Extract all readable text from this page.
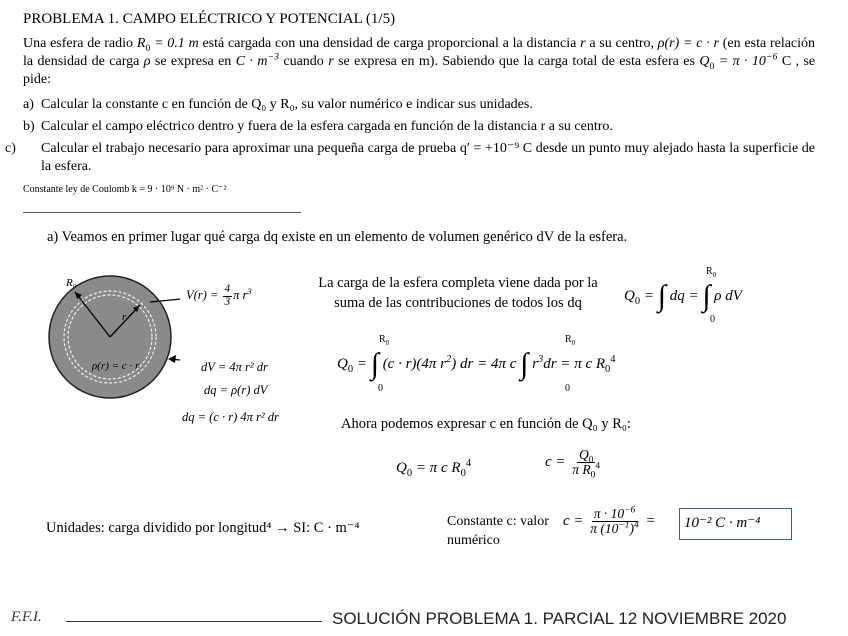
PROBLEMA 1. CAMPO ELÉCTRICO Y POTENCIAL (1/5)
Una esfera de radio $R_0 = 0.1$ m está cargada con una densidad de carga proporcional a la distancia r a su centro, ρ(r) = c · r (en esta relación la densidad de carga ρ se expresa en $C \cdot m^{-3}$ cuando r se expresa en m). Sabiendo que la carga total de esta esfera es $Q_0 = \pi \cdot 10^{-6}$ C , se pide:
a) Calcular la constante c en función de Q₀ y R₀, su valor numérico e indicar sus unidades.
b) Calcular el campo eléctrico dentro y fuera de la esfera cargada en función de la distancia r a su centro.
c) Calcular el trabajo necesario para aproximar una pequeña carga de prueba q′ = +10⁻⁹ C desde un punto muy alejado hasta la superficie de la esfera.
Constante ley de Coulomb k = 9 · 10⁹ N · m² · C⁻²
a) Veamos en primer lugar qué carga dq existe en un elemento de volumen genérico dV de la esfera.
R₀
r
ρ(r) = c · r
$V(r) = \frac{4}{3}$ π $r^3$
dV = 4π r² dr
dq = ρ(r) dV
dq = (c · r) 4π r² dr
La carga de la esfera completa viene dada por la suma de las contribuciones de todos los dq	$Q_0$ = ∫ dq = ∫
$R_0$
0
ρ dV
$Q_0$ = ∫
$R_0$
0
(c · r)(4π $r^2$) dr = 4π c ∫
$R_0$
0
$r^3dr = \pi$ c $R_0^4$
Ahora podemos expresar c en función de Q₀ y R₀:
$Q_0 = \pi$ c $R_0^4$	$c = \frac{Q_0}{\pi R_0^4}$
Unidades: carga dividido por longitud⁴ → SI: C · m⁻⁴	Constante c: valor numérico
$c = \frac{\pi \cdot 10^{-6}}{\pi (10^{-1})^4}$ =	10⁻² C · m⁻⁴
F.F.I.	SOLUCIÓN PROBLEMA 1. PARCIAL 12 NOVIEMBRE 2020
